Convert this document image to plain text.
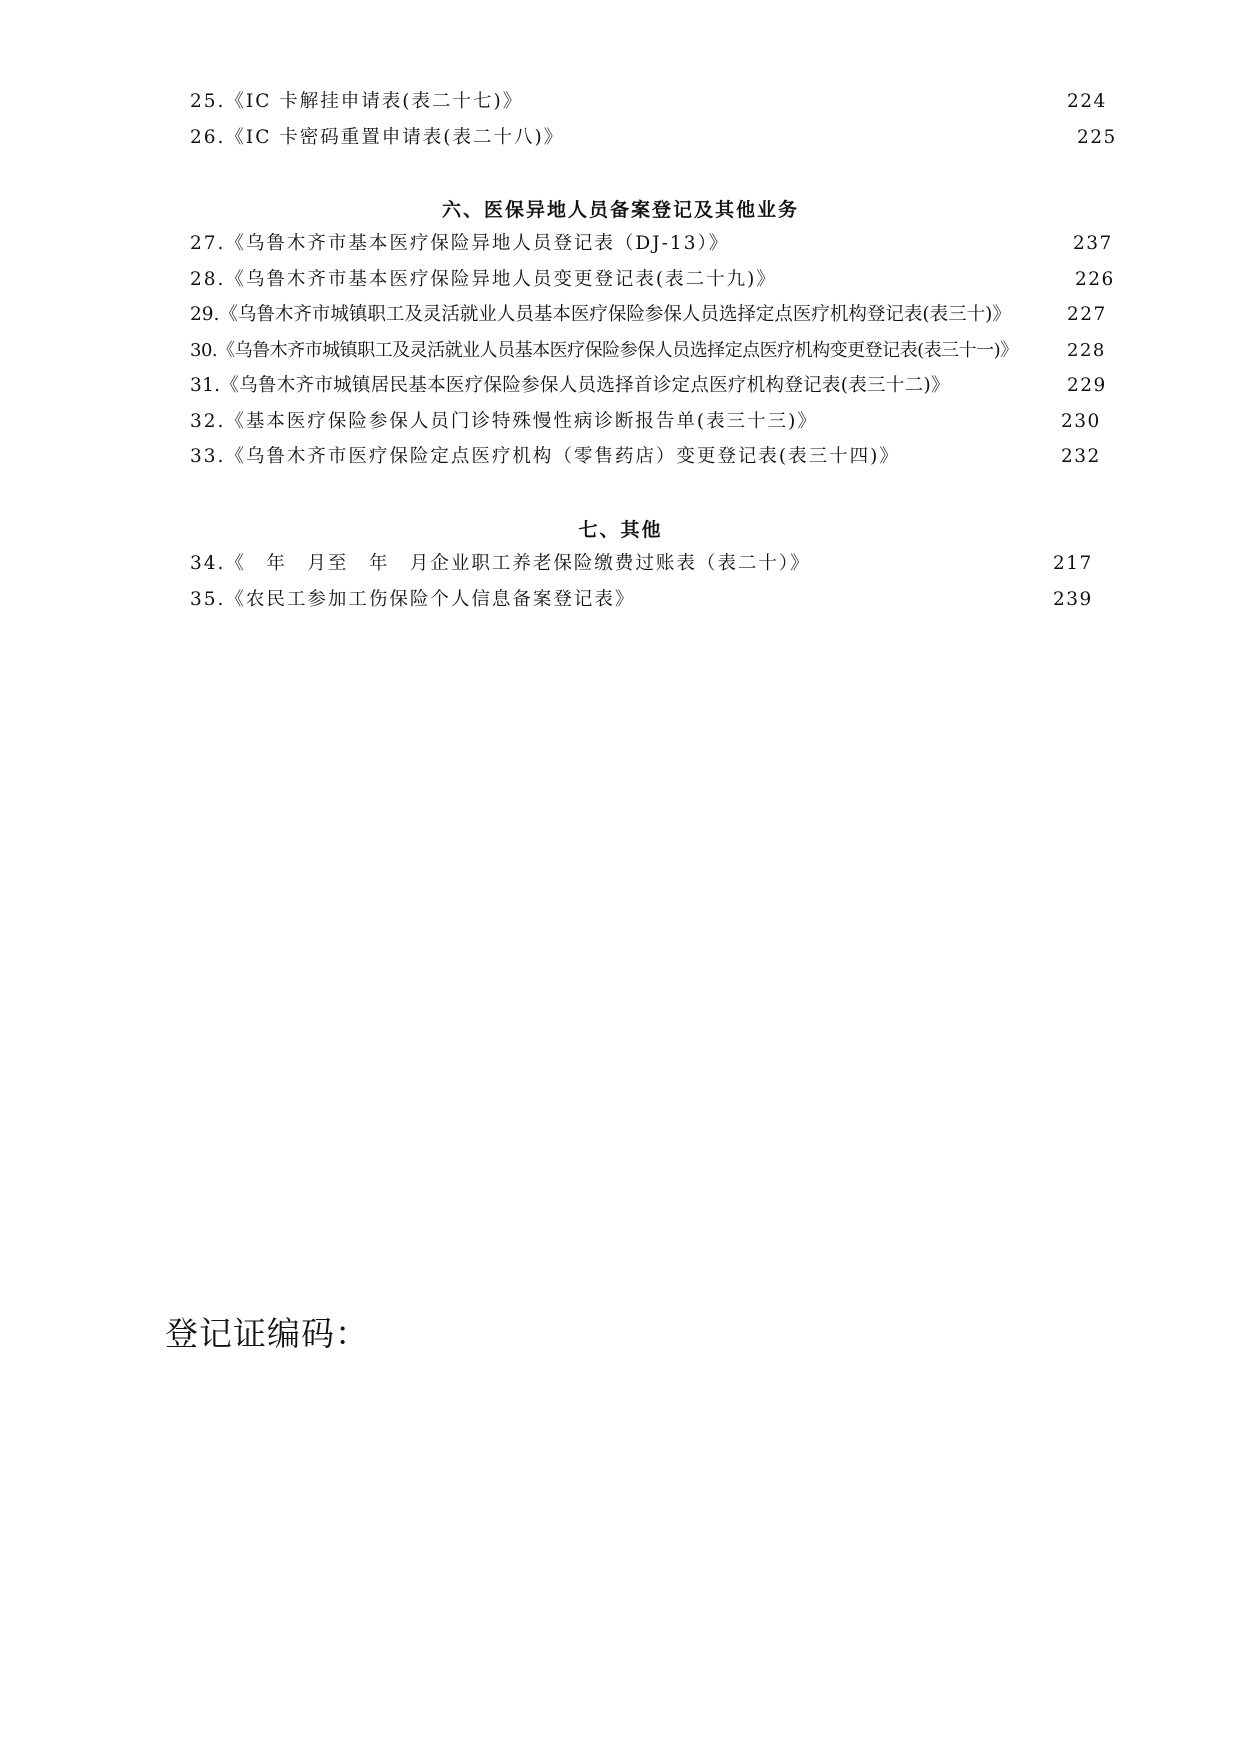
25.《IC 卡解挂申请表(表二十七)》	224
26.《IC 卡密码重置申请表(表二十八)》	225
六、医保异地人员备案登记及其他业务
27.《乌鲁木齐市基本医疗保险异地人员登记表（DJ-13）》	237
28.《乌鲁木齐市基本医疗保险异地人员变更登记表(表二十九)》	226
29.《乌鲁木齐市城镇职工及灵活就业人员基本医疗保险参保人员选择定点医疗机构登记表(表三十)》	227
30.《乌鲁木齐市城镇职工及灵活就业人员基本医疗保险参保人员选择定点医疗机构变更登记表(表三十一)》	228
31.《乌鲁木齐市城镇居民基本医疗保险参保人员选择首诊定点医疗机构登记表(表三十二)》	229
32.《基本医疗保险参保人员门诊特殊慢性病诊断报告单(表三十三)》	230
33.《乌鲁木齐市医疗保险定点医疗机构（零售药店）变更登记表(表三十四)》	232
七、其他
34.《　年　月至　年　月企业职工养老保险缴费过账表（表二十）》	217
35.《农民工参加工伤保险个人信息备案登记表》	239
登记证编码：
